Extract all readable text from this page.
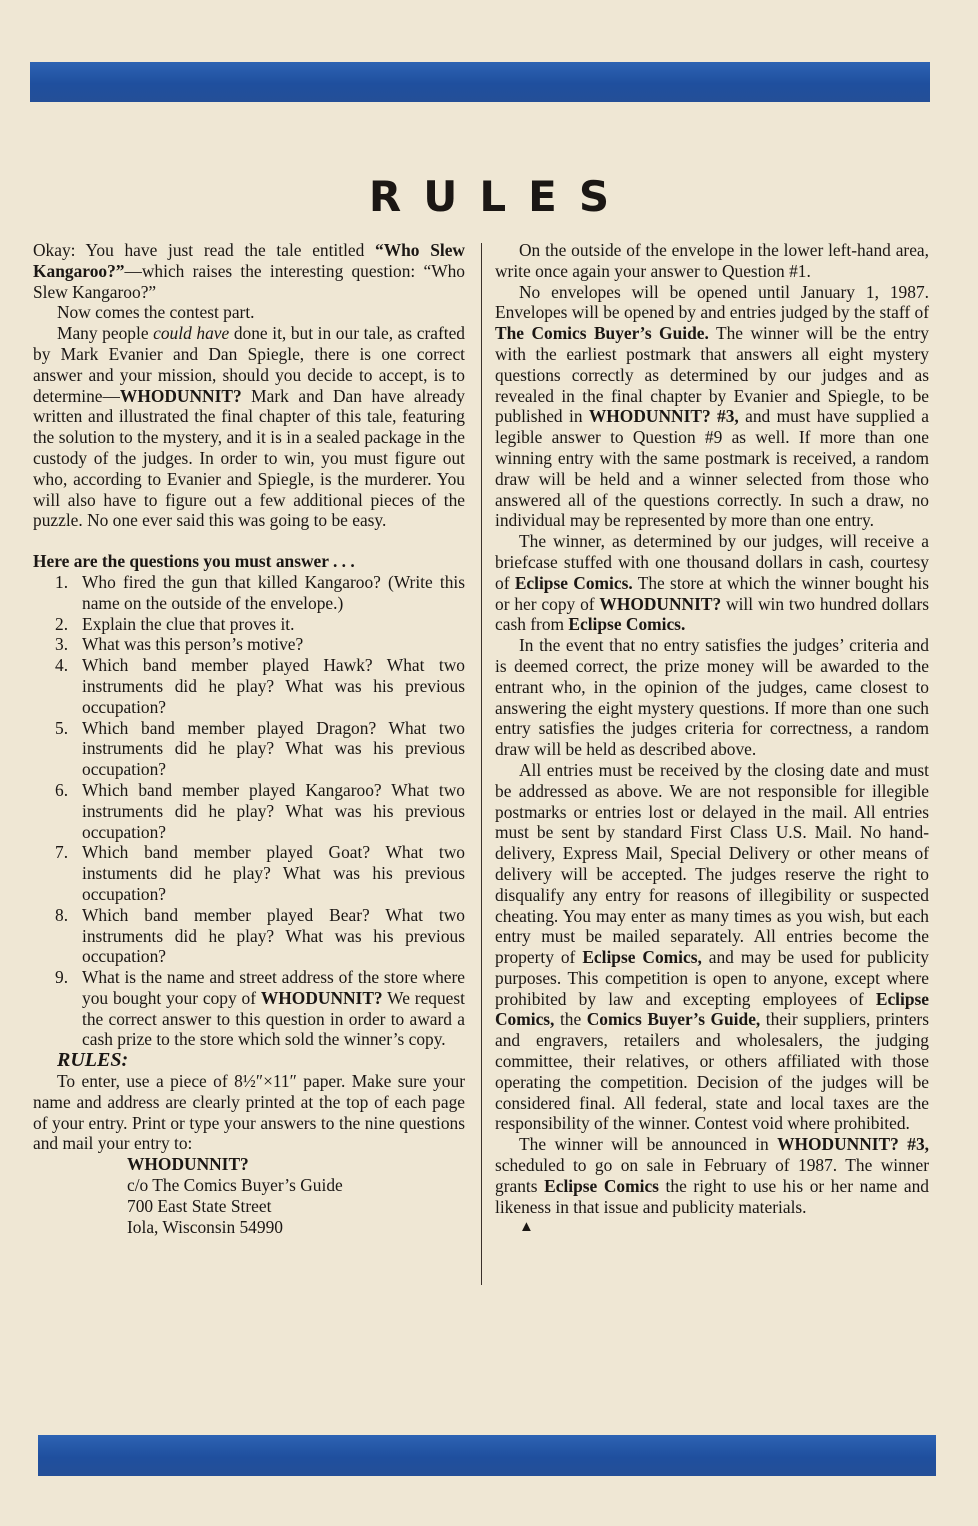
RULES

Okay: You have just read the tale entitled “Who Slew Kangaroo?”—which raises the interesting question: “Who Slew Kangaroo?”

Now comes the contest part.

Many people could have done it, but in our tale, as crafted by Mark Evanier and Dan Spiegle, there is one correct answer and your mission, should you decide to accept, is to determine—WHODUNNIT? Mark and Dan have already written and illustrated the final chapter of this tale, featuring the solution to the mystery, and it is in a sealed package in the custody of the judges. In order to win, you must figure out who, according to Evanier and Spiegle, is the murderer. You will also have to figure out a few additional pieces of the puzzle. No one ever said this was going to be easy.

Here are the questions you must answer . . .

1. Who fired the gun that killed Kangaroo? (Write this name on the outside of the envelope.)
2. Explain the clue that proves it.
3. What was this person’s motive?
4. Which band member played Hawk? What two instruments did he play? What was his previous occupation?
5. Which band member played Dragon? What two instruments did he play? What was his previous occupation?
6. Which band member played Kangaroo? What two instruments did he play? What was his previous occupation?
7. Which band member played Goat? What two instuments did he play? What was his previous occupation?
8. Which band member played Bear? What two instruments did he play? What was his previous occupation?
9. What is the name and street address of the store where you bought your copy of WHODUNNIT? We request the correct answer to this question in order to award a cash prize to the store which sold the winner’s copy.

RULES:

To enter, use a piece of 8½″×11″ paper. Make sure your name and address are clearly printed at the top of each page of your entry. Print or type your answers to the nine questions and mail your entry to:

WHODUNNIT?
c/o The Comics Buyer’s Guide
700 East State Street
Iola, Wisconsin 54990

On the outside of the envelope in the lower left-hand area, write once again your answer to Question #1.

No envelopes will be opened until January 1, 1987. Envelopes will be opened by and entries judged by the staff of The Comics Buyer’s Guide. The winner will be the entry with the earliest postmark that answers all eight mystery questions correctly as determined by our judges and as revealed in the final chapter by Evanier and Spiegle, to be published in WHODUNNIT? #3, and must have supplied a legible answer to Question #9 as well. If more than one winning entry with the same postmark is received, a random draw will be held and a winner selected from those who answered all of the questions correctly. In such a draw, no individual may be represented by more than one entry.

The winner, as determined by our judges, will receive a briefcase stuffed with one thousand dollars in cash, courtesy of Eclipse Comics. The store at which the winner bought his or her copy of WHODUNNIT? will win two hundred dollars cash from Eclipse Comics.

In the event that no entry satisfies the judges’ criteria and is deemed correct, the prize money will be awarded to the entrant who, in the opinion of the judges, came closest to answering the eight mystery questions. If more than one such entry satisfies the judges criteria for correctness, a random draw will be held as described above.

All entries must be received by the closing date and must be addressed as above. We are not responsible for illegible postmarks or entries lost or delayed in the mail. All entries must be sent by standard First Class U.S. Mail. No hand-delivery, Express Mail, Special Delivery or other means of delivery will be accepted. The judges reserve the right to disqualify any entry for reasons of illegibility or suspected cheating. You may enter as many times as you wish, but each entry must be mailed separately. All entries become the property of Eclipse Comics, and may be used for publicity purposes. This competition is open to anyone, except where prohibited by law and excepting employees of Eclipse Comics, the Comics Buyer’s Guide, their suppliers, printers and engravers, retailers and wholesalers, the judging committee, their relatives, or others affiliated with those operating the competition. Decision of the judges will be considered final. All federal, state and local taxes are the responsibility of the winner. Contest void where prohibited.

The winner will be announced in WHODUNNIT? #3, scheduled to go on sale in February of 1987. The winner grants Eclipse Comics the right to use his or her name and likeness in that issue and publicity materials.

▲
